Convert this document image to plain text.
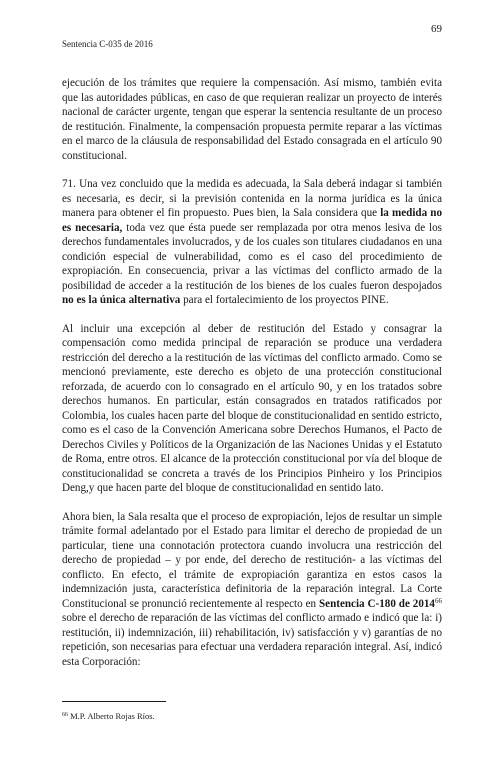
69
Sentencia C-035 de 2016

ejecución de los trámites que requiere la compensación. Así mismo, también evita que las autoridades públicas, en caso de que requieran realizar un proyecto de interés nacional de carácter urgente, tengan que esperar la sentencia resultante de un proceso de restitución. Finalmente, la compensación propuesta permite reparar a las víctimas en el marco de la cláusula de responsabilidad del Estado consagrada en el artículo 90 constitucional.

71. Una vez concluido que la medida es adecuada, la Sala deberá indagar si también es necesaria, es decir, si la previsión contenida en la norma jurídica es la única manera para obtener el fin propuesto. Pues bien, la Sala considera que la medida no es necesaria, toda vez que ésta puede ser remplazada por otra menos lesiva de los derechos fundamentales involucrados, y de los cuales son titulares ciudadanos en una condición especial de vulnerabilidad, como es el caso del procedimiento de expropiación. En consecuencia, privar a las víctimas del conflicto armado de la posibilidad de acceder a la restitución de los bienes de los cuales fueron despojados no es la única alternativa para el fortalecimiento de los proyectos PINE.

Al incluir una excepción al deber de restitución del Estado y consagrar la compensación como medida principal de reparación se produce una verdadera restricción del derecho a la restitución de las víctimas del conflicto armado. Como se mencionó previamente, este derecho es objeto de una protección constitucional reforzada, de acuerdo con lo consagrado en el artículo 90, y en los tratados sobre derechos humanos. En particular, están consagrados en tratados ratificados por Colombia, los cuales hacen parte del bloque de constitucionalidad en sentido estricto, como es el caso de la Convención Americana sobre Derechos Humanos, el Pacto de Derechos Civiles y Políticos de la Organización de las Naciones Unidas y el Estatuto de Roma, entre otros. El alcance de la protección constitucional por vía del bloque de constitucionalidad se concreta a través de los Principios Pinheiro y los Principios Deng,y que hacen parte del bloque de constitucionalidad en sentido lato.

Ahora bien, la Sala resalta que el proceso de expropiación, lejos de resultar un simple trámite formal adelantado por el Estado para limitar el derecho de propiedad de un particular, tiene una connotación protectora cuando involucra una restricción del derecho de propiedad – y por ende, del derecho de restitución- a las víctimas del conflicto. En efecto, el trámite de expropiación garantiza en estos casos la indemnización justa, característica definitoria de la reparación integral. La Corte Constitucional se pronunció recientemente al respecto en Sentencia C-180 de 2014$^{66}$ sobre el derecho de reparación de las víctimas del conflicto armado e indicó que la: i) restitución, ii) indemnización, iii) rehabilitación, iv) satisfacción y v) garantías de no repetición, son necesarias para efectuar una verdadera reparación integral. Así, indicó esta Corporación:

$^{66}$ M.P. Alberto Rojas Ríos.
